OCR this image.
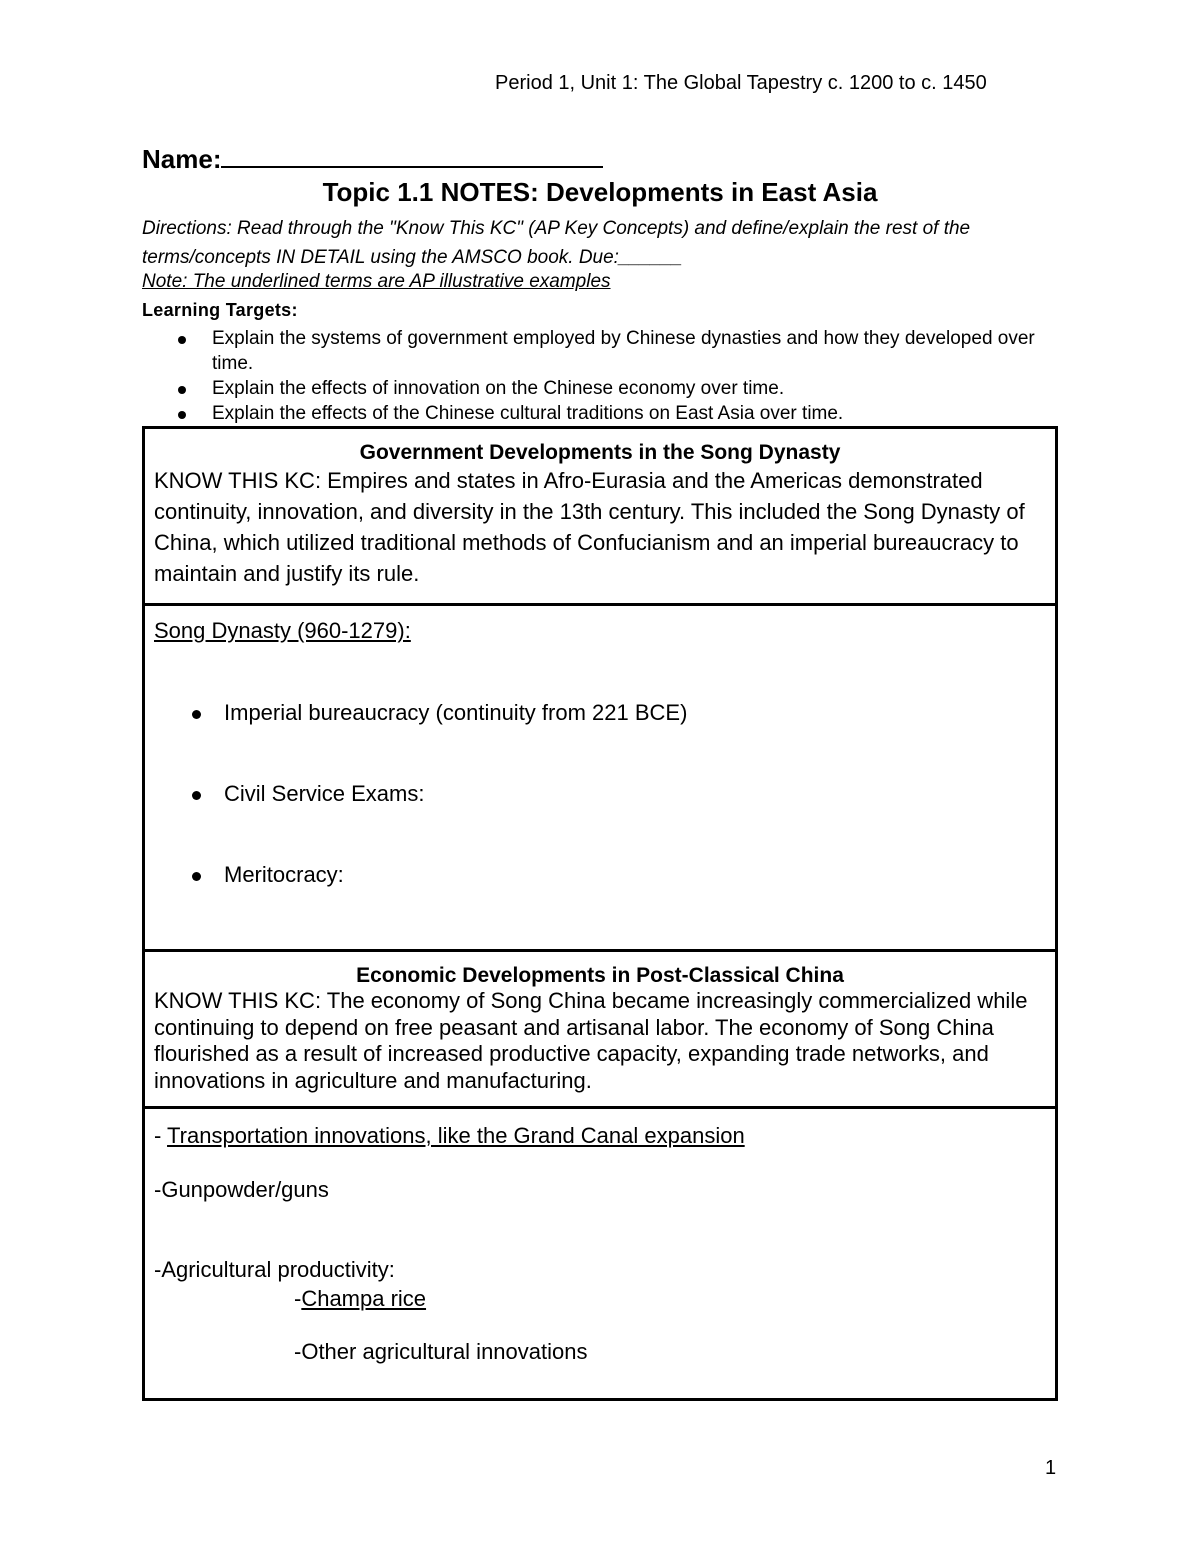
Period 1, Unit 1: The Global Tapestry c. 1200 to c. 1450
Name:
Topic 1.1 NOTES: Developments in East Asia
Directions: Read through the "Know This KC" (AP Key Concepts) and define/explain the rest of the terms/concepts IN DETAIL using the AMSCO book. Due:______
Note: The underlined terms are AP illustrative examples
Learning Targets:
Explain the systems of government employed by Chinese dynasties and how they developed over time.
Explain the effects of innovation on the Chinese economy over time.
Explain the effects of the Chinese cultural traditions on East Asia over time.
Government Developments in the Song Dynasty
KNOW THIS KC: Empires and states in Afro-Eurasia and the Americas demonstrated continuity, innovation, and diversity in the 13th century. This included the Song Dynasty of China, which utilized traditional methods of Confucianism and an imperial bureaucracy to maintain and justify its rule.
Song Dynasty (960-1279):
Imperial bureaucracy (continuity from 221 BCE)
Civil Service Exams:
Meritocracy:
Economic Developments in Post-Classical China
KNOW THIS KC: The economy of Song China became increasingly commercialized while continuing to depend on free peasant and artisanal labor. The economy of Song China flourished as a result of increased productive capacity, expanding trade networks, and innovations in agriculture and manufacturing.
- Transportation innovations, like the Grand Canal expansion
-Gunpowder/guns
-Agricultural productivity:
-Champa rice
-Other agricultural innovations
1
